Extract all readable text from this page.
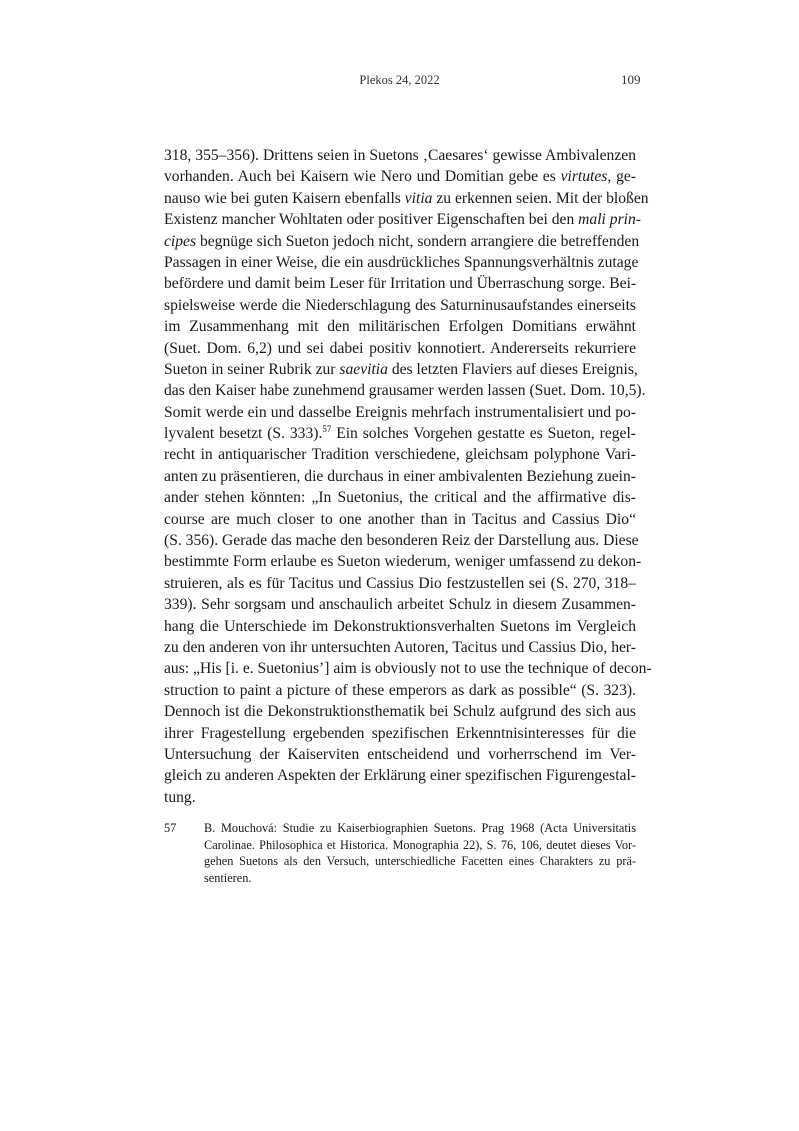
Plekos 24, 2022	109
318, 355–356). Drittens seien in Suetons ‚Caesares‘ gewisse Ambivalenzen
vorhanden. Auch bei Kaisern wie Nero und Domitian gebe es virtutes, ge-
nauso wie bei guten Kaisern ebenfalls vitia zu erkennen seien. Mit der bloßen
Existenz mancher Wohltaten oder positiver Eigenschaften bei den mali prin-
cipes begnüge sich Sueton jedoch nicht, sondern arrangiere die betreffenden
Passagen in einer Weise, die ein ausdrückliches Spannungsverhältnis zutage
befördere und damit beim Leser für Irritation und Überraschung sorge. Bei-
spielsweise werde die Niederschlagung des Saturninusaufstandes einerseits
im Zusammenhang mit den militärischen Erfolgen Domitians erwähnt
(Suet. Dom. 6,2) und sei dabei positiv konnotiert. Andererseits rekurriere
Sueton in seiner Rubrik zur saevitia des letzten Flaviers auf dieses Ereignis,
das den Kaiser habe zunehmend grausamer werden lassen (Suet. Dom. 10,5).
Somit werde ein und dasselbe Ereignis mehrfach instrumentalisiert und po-
lyvalent besetzt (S. 333).$^{57}$ Ein solches Vorgehen gestatte es Sueton, regel-
recht in antiquarischer Tradition verschiedene, gleichsam polyphone Vari-
anten zu präsentieren, die durchaus in einer ambivalenten Beziehung zuein-
ander stehen könnten: „In Suetonius, the critical and the affirmative dis-
course are much closer to one another than in Tacitus and Cassius Dio“
(S. 356). Gerade das mache den besonderen Reiz der Darstellung aus. Diese
bestimmte Form erlaube es Sueton wiederum, weniger umfassend zu dekon-
struieren, als es für Tacitus und Cassius Dio festzustellen sei (S. 270, 318–
339). Sehr sorgsam und anschaulich arbeitet Schulz in diesem Zusammen-
hang die Unterschiede im Dekonstruktionsverhalten Suetons im Vergleich
zu den anderen von ihr untersuchten Autoren, Tacitus und Cassius Dio, her-
aus: „His [i. e. Suetonius’] aim is obviously not to use the technique of decon-
struction to paint a picture of these emperors as dark as possible“ (S. 323).
Dennoch ist die Dekonstruktionsthematik bei Schulz aufgrund des sich aus
ihrer Fragestellung ergebenden spezifischen Erkenntnisinteresses für die
Untersuchung der Kaiserviten entscheidend und vorherrschend im Ver-
gleich zu anderen Aspekten der Erklärung einer spezifischen Figurengestal-
tung.
57 B. Mouchová: Studie zu Kaiserbiographien Suetons. Prag 1968 (Acta Universitatis
Carolinae. Philosophica et Historica. Monographia 22), S. 76, 106, deutet dieses Vor-
gehen Suetons als den Versuch, unterschiedliche Facetten eines Charakters zu prä-
sentieren.
